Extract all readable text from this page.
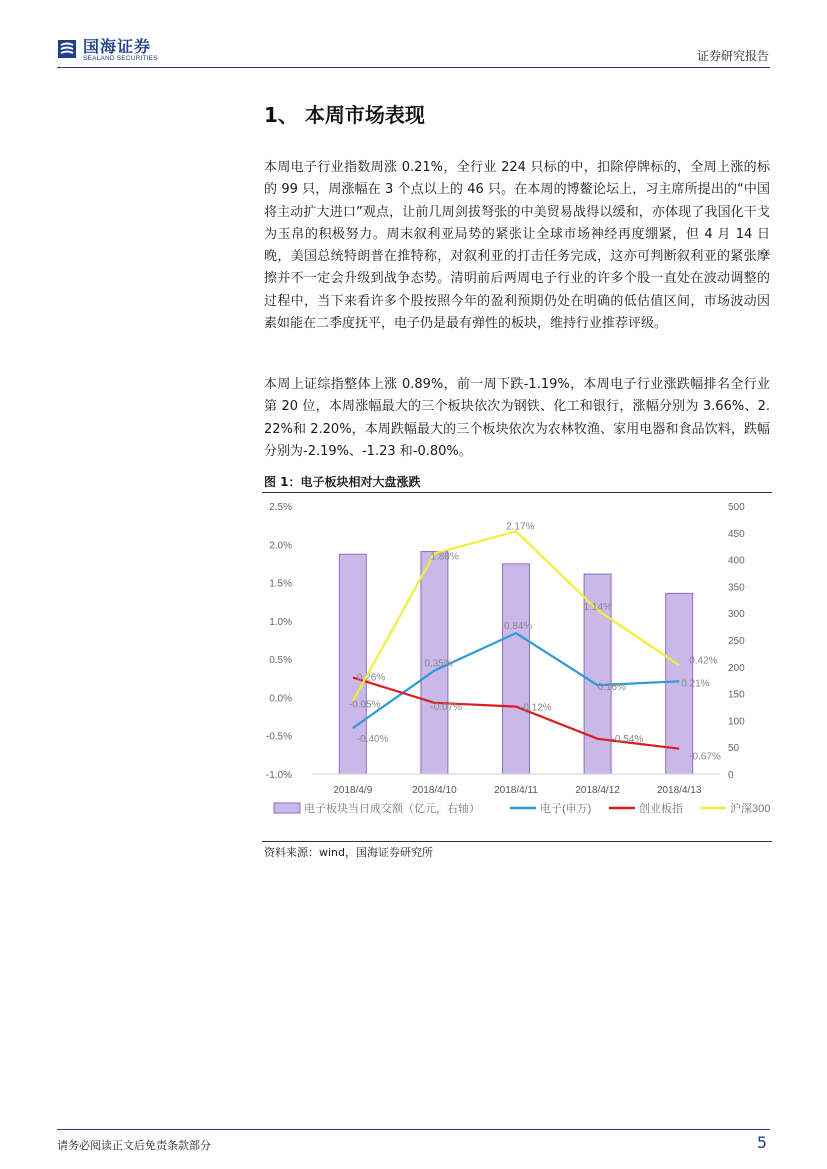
国海证券
SEALAND SECURITIES	证券研究报告
1、 本周市场表现

本周电子行业指数周涨 0.21%，全行业 224 只标的中，扣除停牌标的，全周上涨的标的 99 只，周涨幅在 3 个点以上的 46 只。在本周的博鳌论坛上，习主席所提出的“中国将主动扩大进口”观点，让前几周剑拔弩张的中美贸易战得以缓和，亦体现了我国化干戈为玉帛的积极努力。周末叙利亚局势的紧张让全球市场神经再度绷紧，但 4 月 14 日晚，美国总统特朗普在推特称，对叙利亚的打击任务完成，这亦可判断叙利亚的紧张摩擦并不一定会升级到战争态势。清明前后两周电子行业的许多个股一直处在波动调整的过程中，当下来看许多个股按照今年的盈利预期仍处在明确的低估值区间，市场波动因素如能在二季度抚平，电子仍是最有弹性的板块，维持行业推荐评级。

本周上证综指整体上涨 0.89%，前一周下跌-1.19%，本周电子行业涨跌幅排名全行业第 20 位，本周涨幅最大的三个板块依次为钢铁、化工和银行，涨幅分别为 3.66%、2.22%和 2.20%，本周跌幅最大的三个板块依次为农林牧渔、家用电器和食品饮料，跌幅分别为-2.19%、-1.23 和-0.80%。

图 1：电子板块相对大盘涨跌
2.5%
2.0%
1.5%
1.0%
0.5%
0.0%
-0.5%
-1.0%
500
450
400
350
300
250
200
150
100
50
0
2018/4/9	2018/4/10	2018/4/11	2018/4/12	2018/4/13
-0.40%
0.35%
0.84%
0.16%	0.21%
0.26%
-0.07%	-0.12%
-0.54%
-0.67%
-0.05%
1.88%
2.17%
1.14%
0.42%
电子板块当日成交额（亿元，右轴）	电子(申万)	创业板指	沪深300
资料来源：wind，国海证券研究所
请务必阅读正文后免责条款部分	5
